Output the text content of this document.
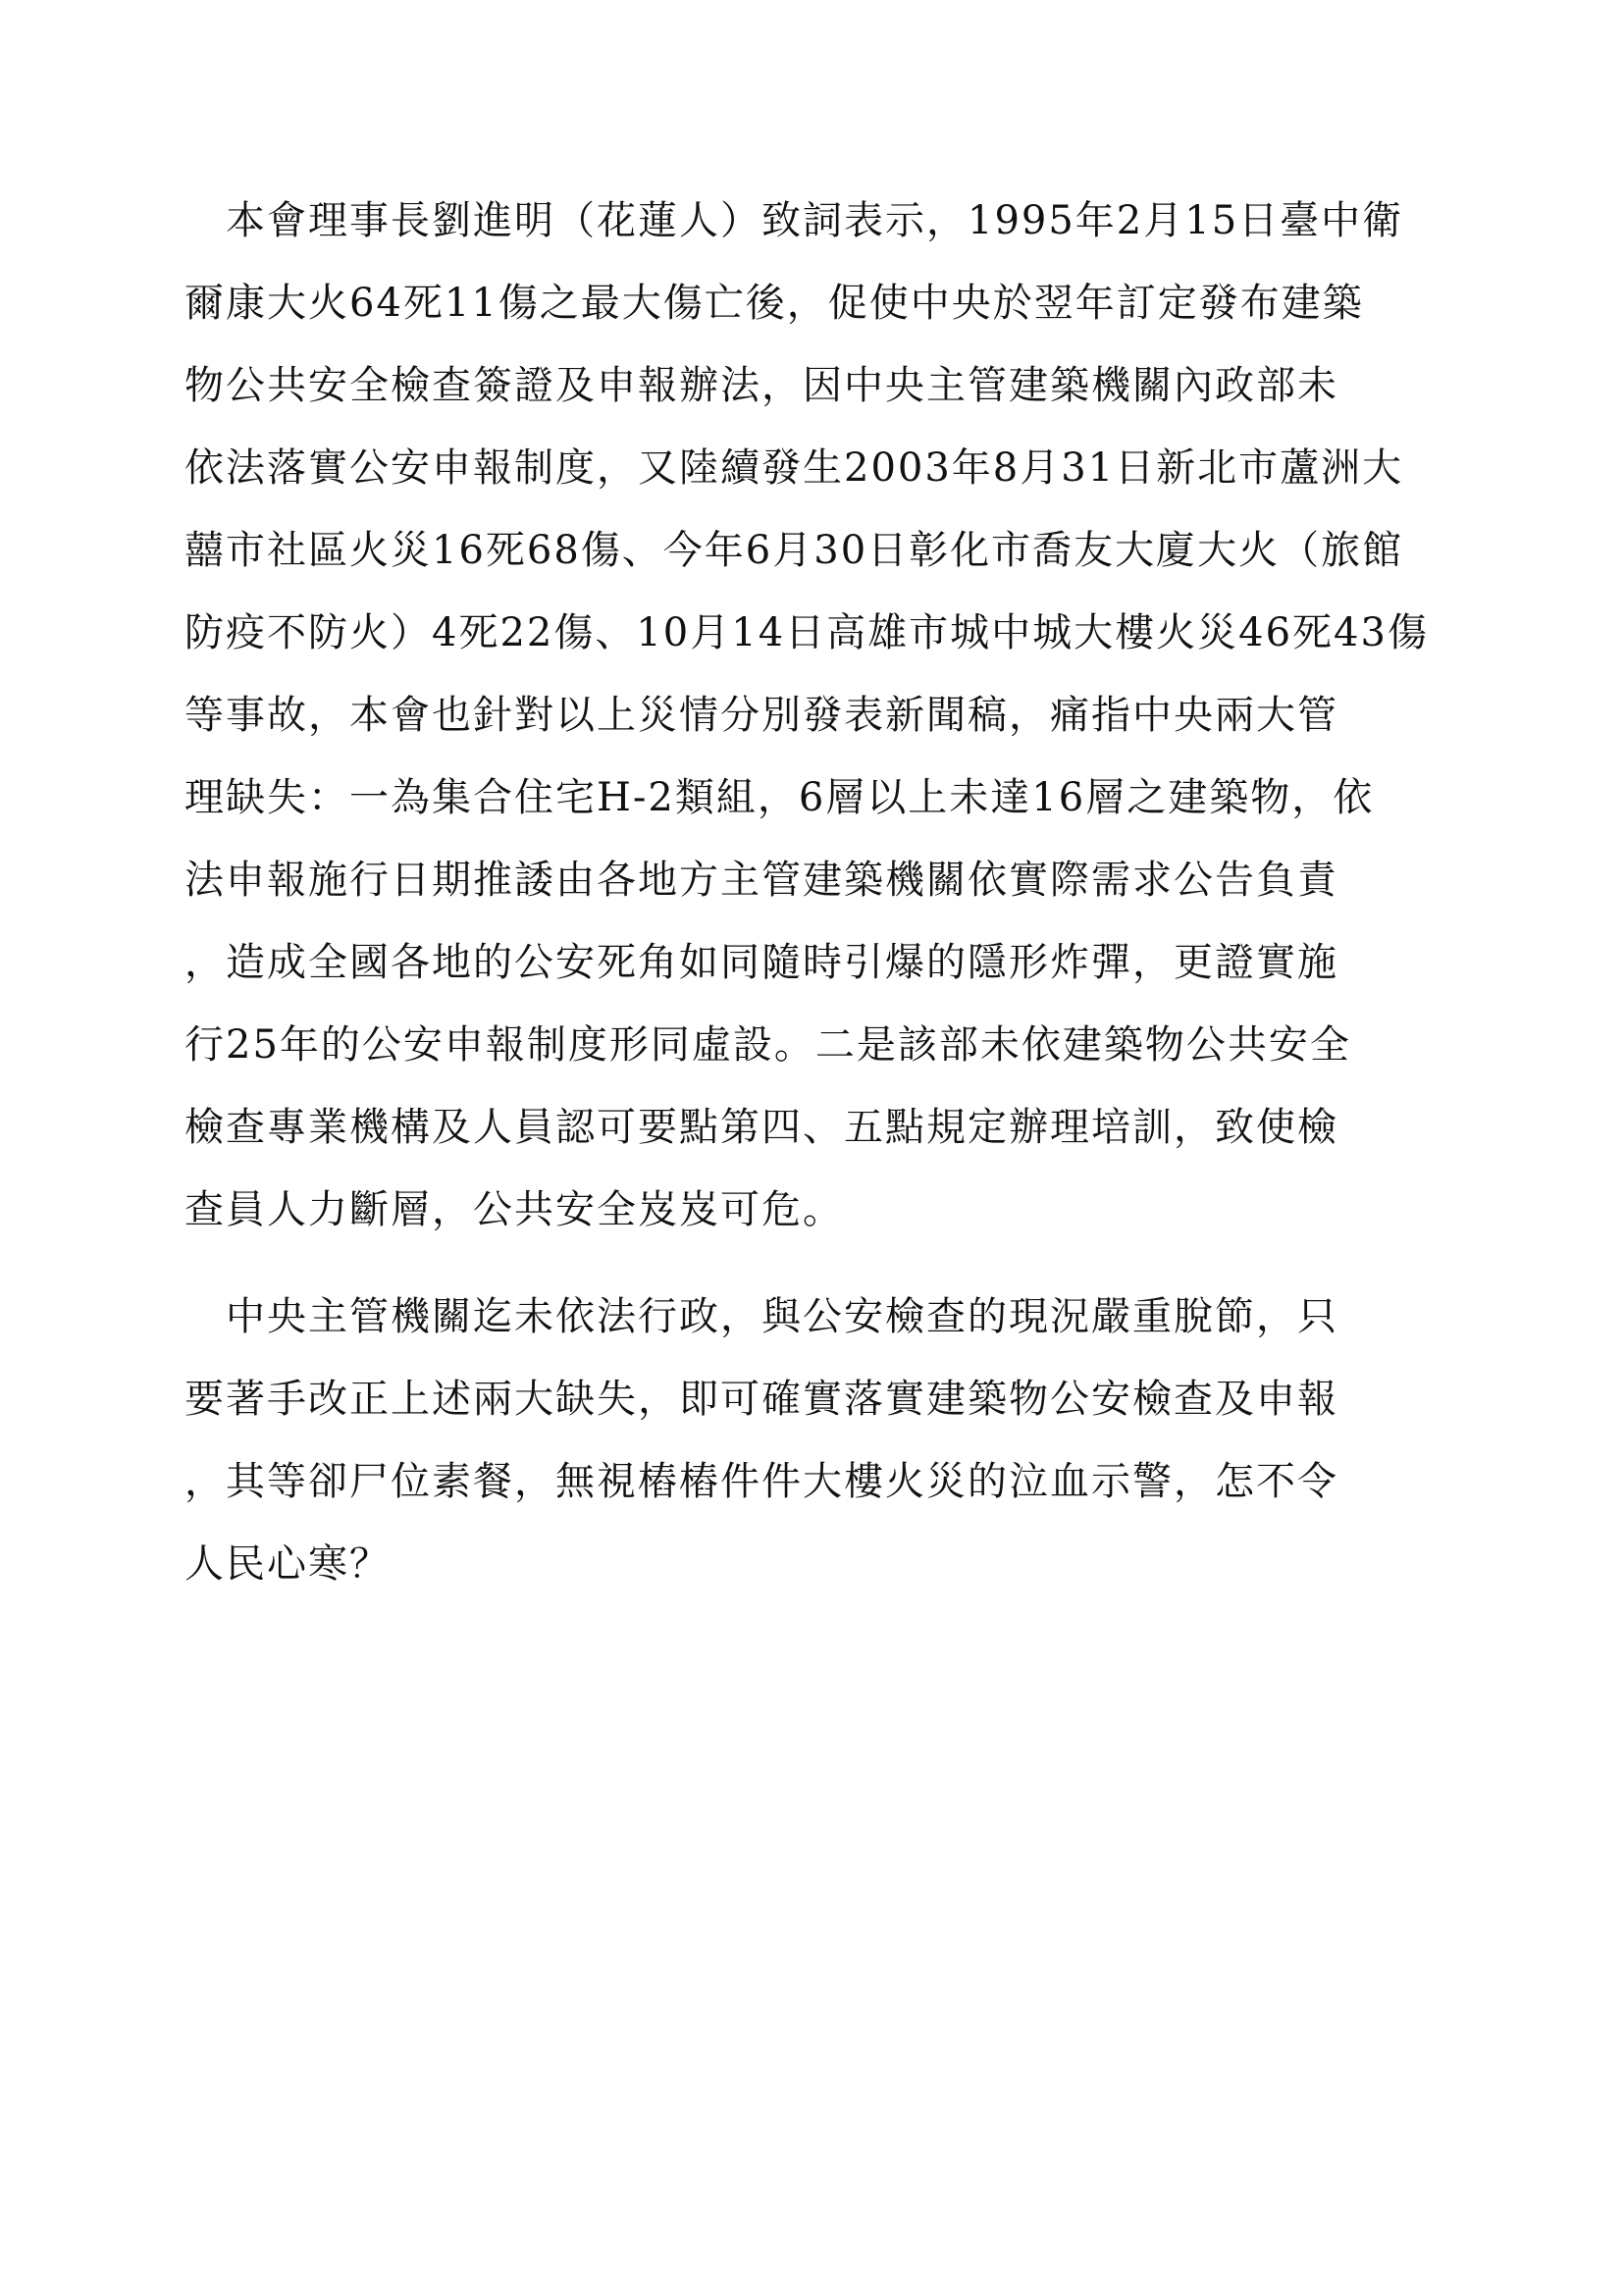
　本會理事長劉進明（花蓮人）致詞表示，1995年2月15日臺中衛
爾康大火64死11傷之最大傷亡後，促使中央於翌年訂定發布建築
物公共安全檢查簽證及申報辦法，因中央主管建築機關內政部未
依法落實公安申報制度，又陸續發生2003年8月31日新北市蘆洲大
囍市社區火災16死68傷、今年6月30日彰化市喬友大廈大火（旅館
防疫不防火）4死22傷、10月14日高雄市城中城大樓火災46死43傷
等事故，本會也針對以上災情分別發表新聞稿，痛指中央兩大管
理缺失：一為集合住宅H-2類組，6層以上未達16層之建築物，依
法申報施行日期推諉由各地方主管建築機關依實際需求公告負責
，造成全國各地的公安死角如同隨時引爆的隱形炸彈，更證實施
行25年的公安申報制度形同虛設。二是該部未依建築物公共安全
檢查專業機構及人員認可要點第四、五點規定辦理培訓，致使檢
查員人力斷層，公共安全岌岌可危。
　中央主管機關迄未依法行政，與公安檢查的現況嚴重脫節，只
要著手改正上述兩大缺失，即可確實落實建築物公安檢查及申報
，其等卻尸位素餐，無視樁樁件件大樓火災的泣血示警，怎不令
人民心寒？
